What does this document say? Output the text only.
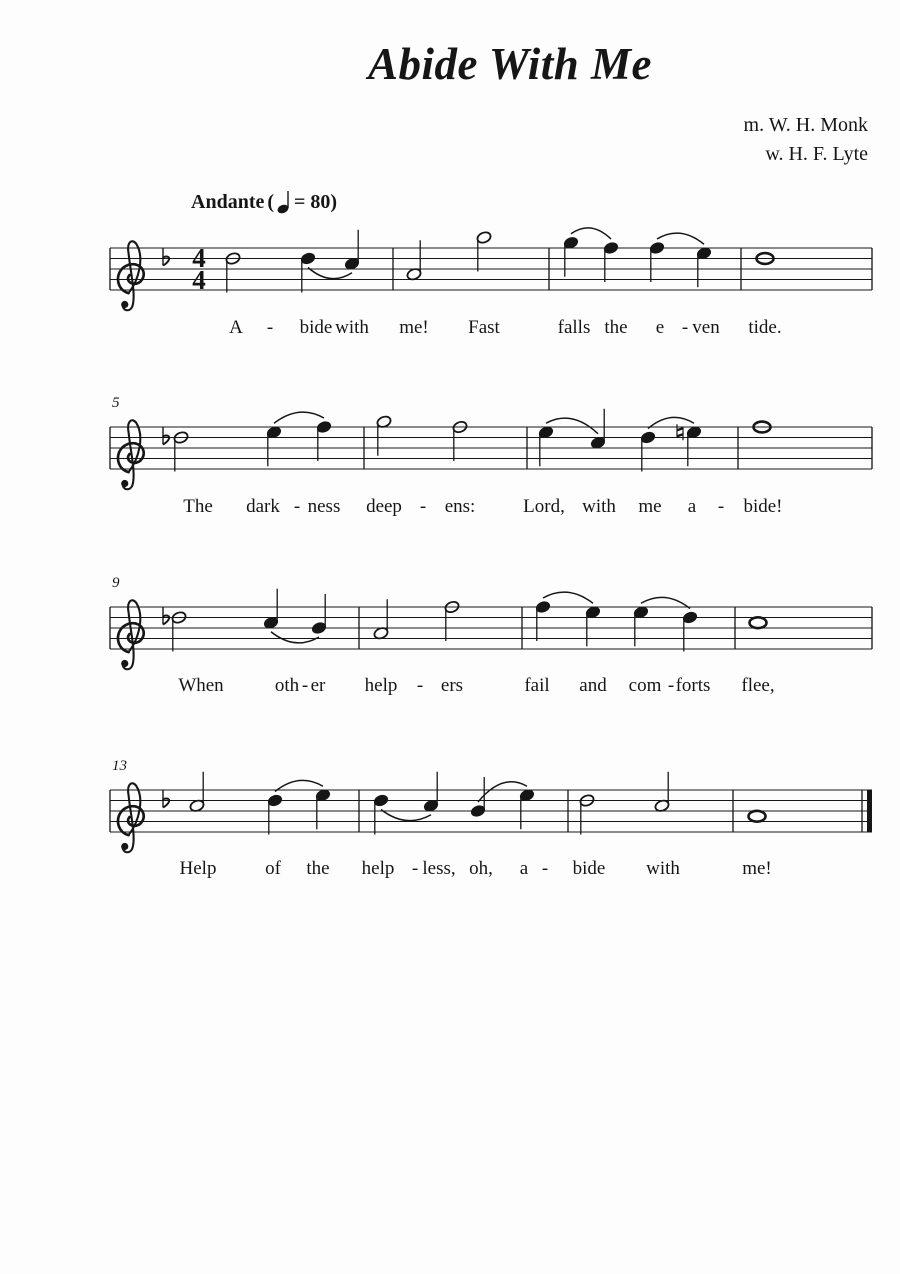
Abide With Me
m. W. H. Monk
w. H. F. Lyte
Andante ( = 80)
4
4
A - bide with me! Fast	falls the e - ven tide.
5
The dark - ness deep - ens:	Lord, with me a - bide!
9
When	oth - er help - ers	fail and com - forts flee,
13
Help	of the help - less, oh, a - bide with	me!
